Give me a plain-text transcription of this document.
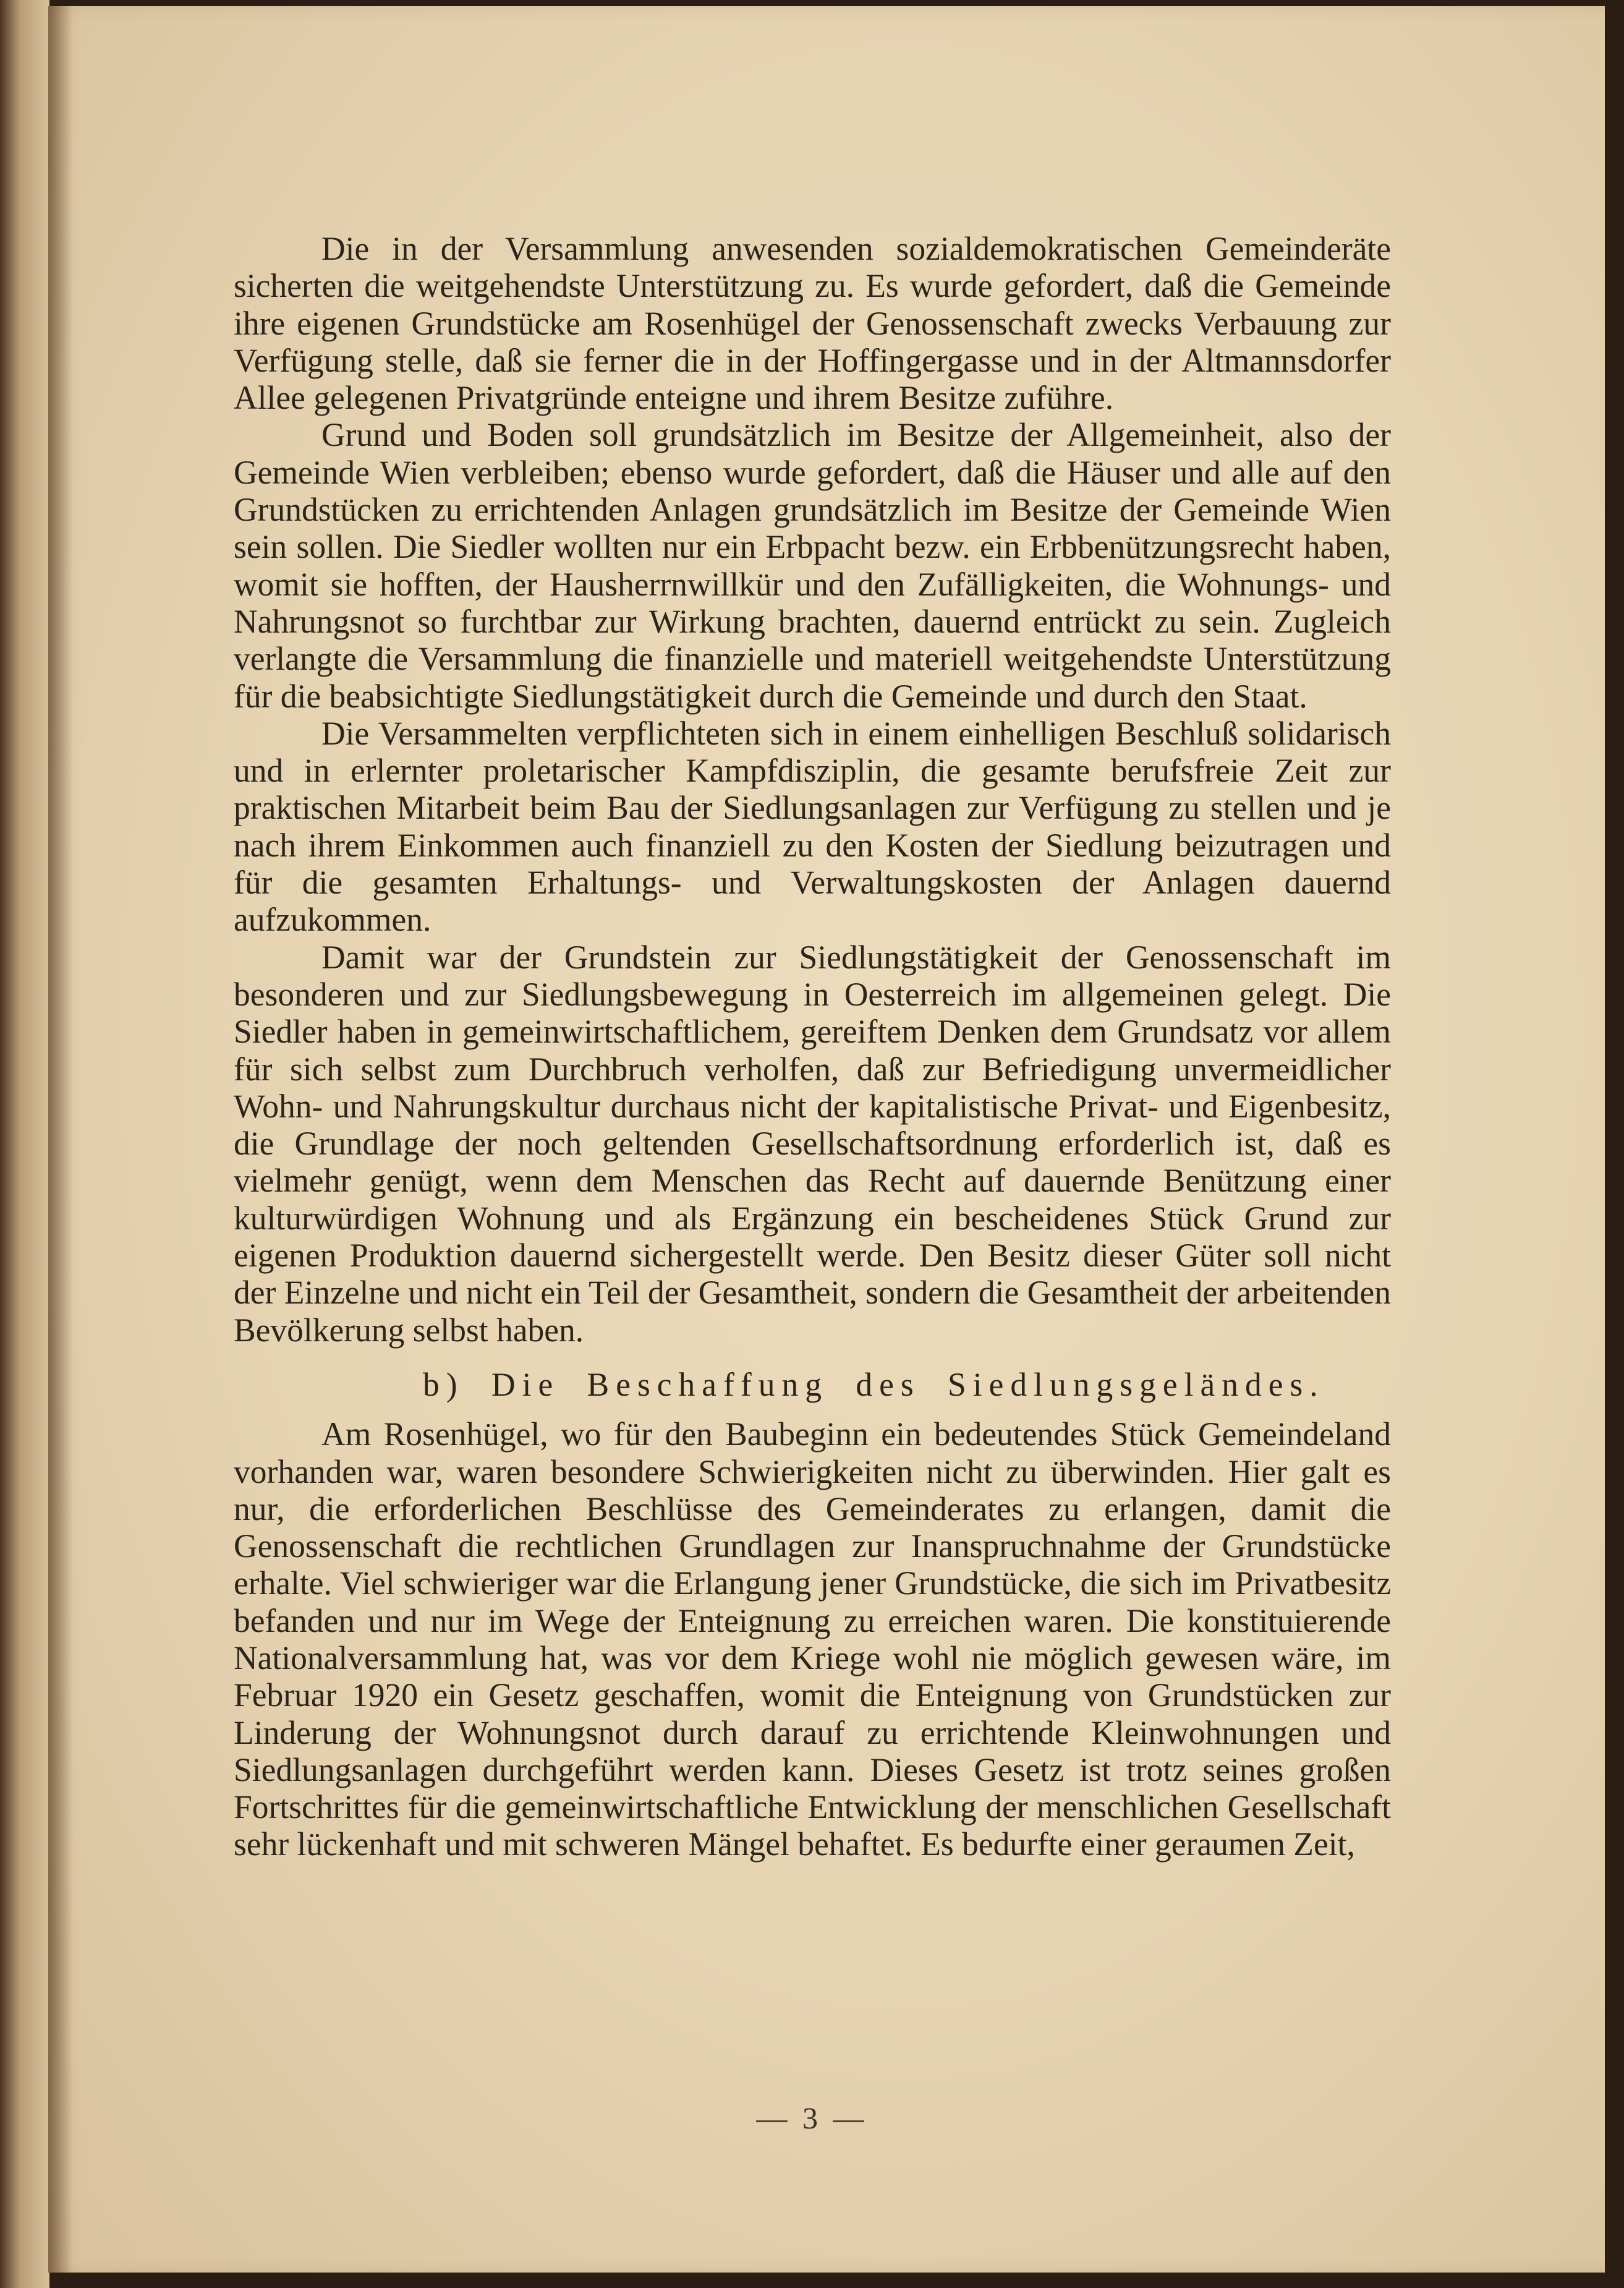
Die in der Versammlung anwesenden sozialdemokratischen Gemeinderäte sicherten die weitgehendste Unterstützung zu. Es wurde gefordert, daß die Gemeinde ihre eigenen Grundstücke am Rosenhügel der Genossenschaft zwecks Verbauung zur Verfügung stelle, daß sie ferner die in der Hoffingergasse und in der Altmannsdorfer Allee gelegenen Privatgründe enteigne und ihrem Besitze zuführe.

Grund und Boden soll grundsätzlich im Besitze der Allgemeinheit, also der Gemeinde Wien verbleiben; ebenso wurde gefordert, daß die Häuser und alle auf den Grundstücken zu errichtenden Anlagen grundsätzlich im Besitze der Gemeinde Wien sein sollen. Die Siedler wollten nur ein Erbpacht bezw. ein Erbbenützungsrecht haben, womit sie hofften, der Hausherrnwillkür und den Zufälligkeiten, die Wohnungs- und Nahrungsnot so furchtbar zur Wirkung brachten, dauernd entrückt zu sein. Zugleich verlangte die Versammlung die finanzielle und materiell weitgehendste Unterstützung für die beabsichtigte Siedlungstätigkeit durch die Gemeinde und durch den Staat.

Die Versammelten verpflichteten sich in einem einhelligen Beschluß solidarisch und in erlernter proletarischer Kampfdisziplin, die gesamte berufsfreie Zeit zur praktischen Mitarbeit beim Bau der Siedlungsanlagen zur Verfügung zu stellen und je nach ihrem Einkommen auch finanziell zu den Kosten der Siedlung beizutragen und für die gesamten Erhaltungs- und Verwaltungskosten der Anlagen dauernd aufzukommen.

Damit war der Grundstein zur Siedlungstätigkeit der Genossenschaft im besonderen und zur Siedlungsbewegung in Oesterreich im allgemeinen gelegt. Die Siedler haben in gemeinwirtschaftlichem, gereiftem Denken dem Grundsatz vor allem für sich selbst zum Durchbruch verholfen, daß zur Befriedigung unvermeidlicher Wohn- und Nahrungskultur durchaus nicht der kapitalistische Privat- und Eigenbesitz, die Grundlage der noch geltenden Gesellschaftsordnung erforderlich ist, daß es vielmehr genügt, wenn dem Menschen das Recht auf dauernde Benützung einer kulturwürdigen Wohnung und als Ergänzung ein bescheidenes Stück Grund zur eigenen Produktion dauernd sichergestellt werde. Den Besitz dieser Güter soll nicht der Einzelne und nicht ein Teil der Gesamtheit, sondern die Gesamtheit der arbeitenden Bevölkerung selbst haben.

b) Die Beschaffung des Siedlungsgeländes.

Am Rosenhügel, wo für den Baubeginn ein bedeutendes Stück Gemeindeland vorhanden war, waren besondere Schwierigkeiten nicht zu überwinden. Hier galt es nur, die erforderlichen Beschlüsse des Gemeinderates zu erlangen, damit die Genossenschaft die rechtlichen Grundlagen zur Inanspruchnahme der Grundstücke erhalte. Viel schwieriger war die Erlangung jener Grundstücke, die sich im Privatbesitz befanden und nur im Wege der Enteignung zu erreichen waren. Die konstituierende Nationalversammlung hat, was vor dem Kriege wohl nie möglich gewesen wäre, im Februar 1920 ein Gesetz geschaffen, womit die Enteignung von Grundstücken zur Linderung der Wohnungsnot durch darauf zu errichtende Kleinwohnungen und Siedlungsanlagen durchgeführt werden kann. Dieses Gesetz ist trotz seines großen Fortschrittes für die gemeinwirtschaftliche Entwicklung der menschlichen Gesellschaft sehr lückenhaft und mit schweren Mängel behaftet. Es bedurfte einer geraumen Zeit,

— 3 —
